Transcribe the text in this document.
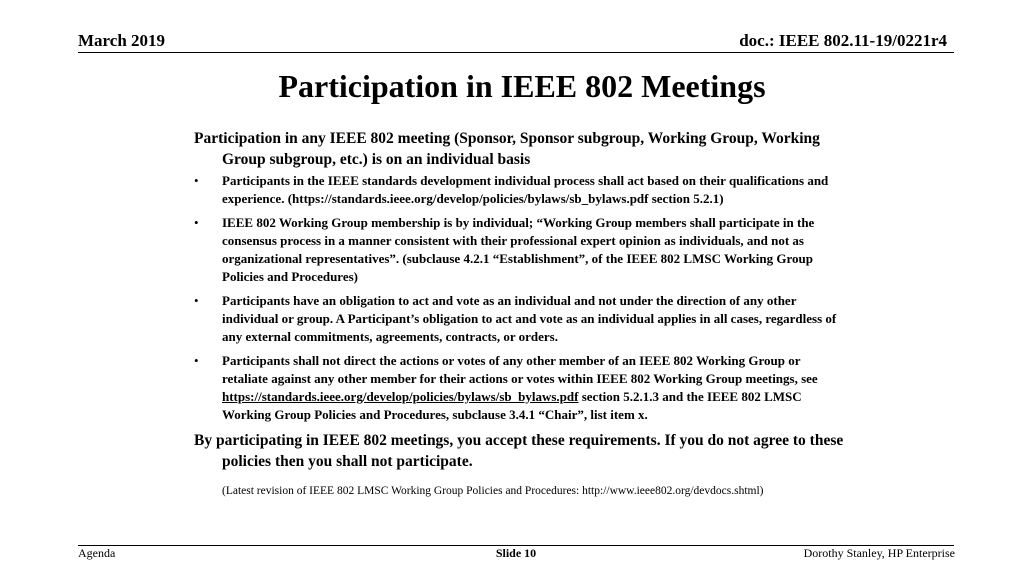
March 2019	doc.: IEEE 802.11-19/0221r4
Participation in IEEE 802 Meetings

Participation in any IEEE 802 meeting (Sponsor, Sponsor subgroup, Working Group, Working Group subgroup, etc.) is on an individual basis

• Participants in the IEEE standards development individual process shall act based on their qualifications and experience. (https://standards.ieee.org/develop/policies/bylaws/sb_bylaws.pdf section 5.2.1)
• IEEE 802 Working Group membership is by individual; “Working Group members shall participate in the consensus process in a manner consistent with their professional expert opinion as individuals, and not as organizational representatives”. (subclause 4.2.1 “Establishment”, of the IEEE 802 LMSC Working Group Policies and Procedures)
• Participants have an obligation to act and vote as an individual and not under the direction of any other individual or group. A Participant’s obligation to act and vote as an individual applies in all cases, regardless of any external commitments, agreements, contracts, or orders.
• Participants shall not direct the actions or votes of any other member of an IEEE 802 Working Group or retaliate against any other member for their actions or votes within IEEE 802 Working Group meetings, see https://standards.ieee.org/develop/policies/bylaws/sb_bylaws.pdf section 5.2.1.3 and the IEEE 802 LMSC Working Group Policies and Procedures, subclause 3.4.1 “Chair”, list item x.

By participating in IEEE 802 meetings, you accept these requirements. If you do not agree to these policies then you shall not participate.

(Latest revision of IEEE 802 LMSC Working Group Policies and Procedures: http://www.ieee802.org/devdocs.shtml)
Agenda	Slide 10	Dorothy Stanley, HP Enterprise
